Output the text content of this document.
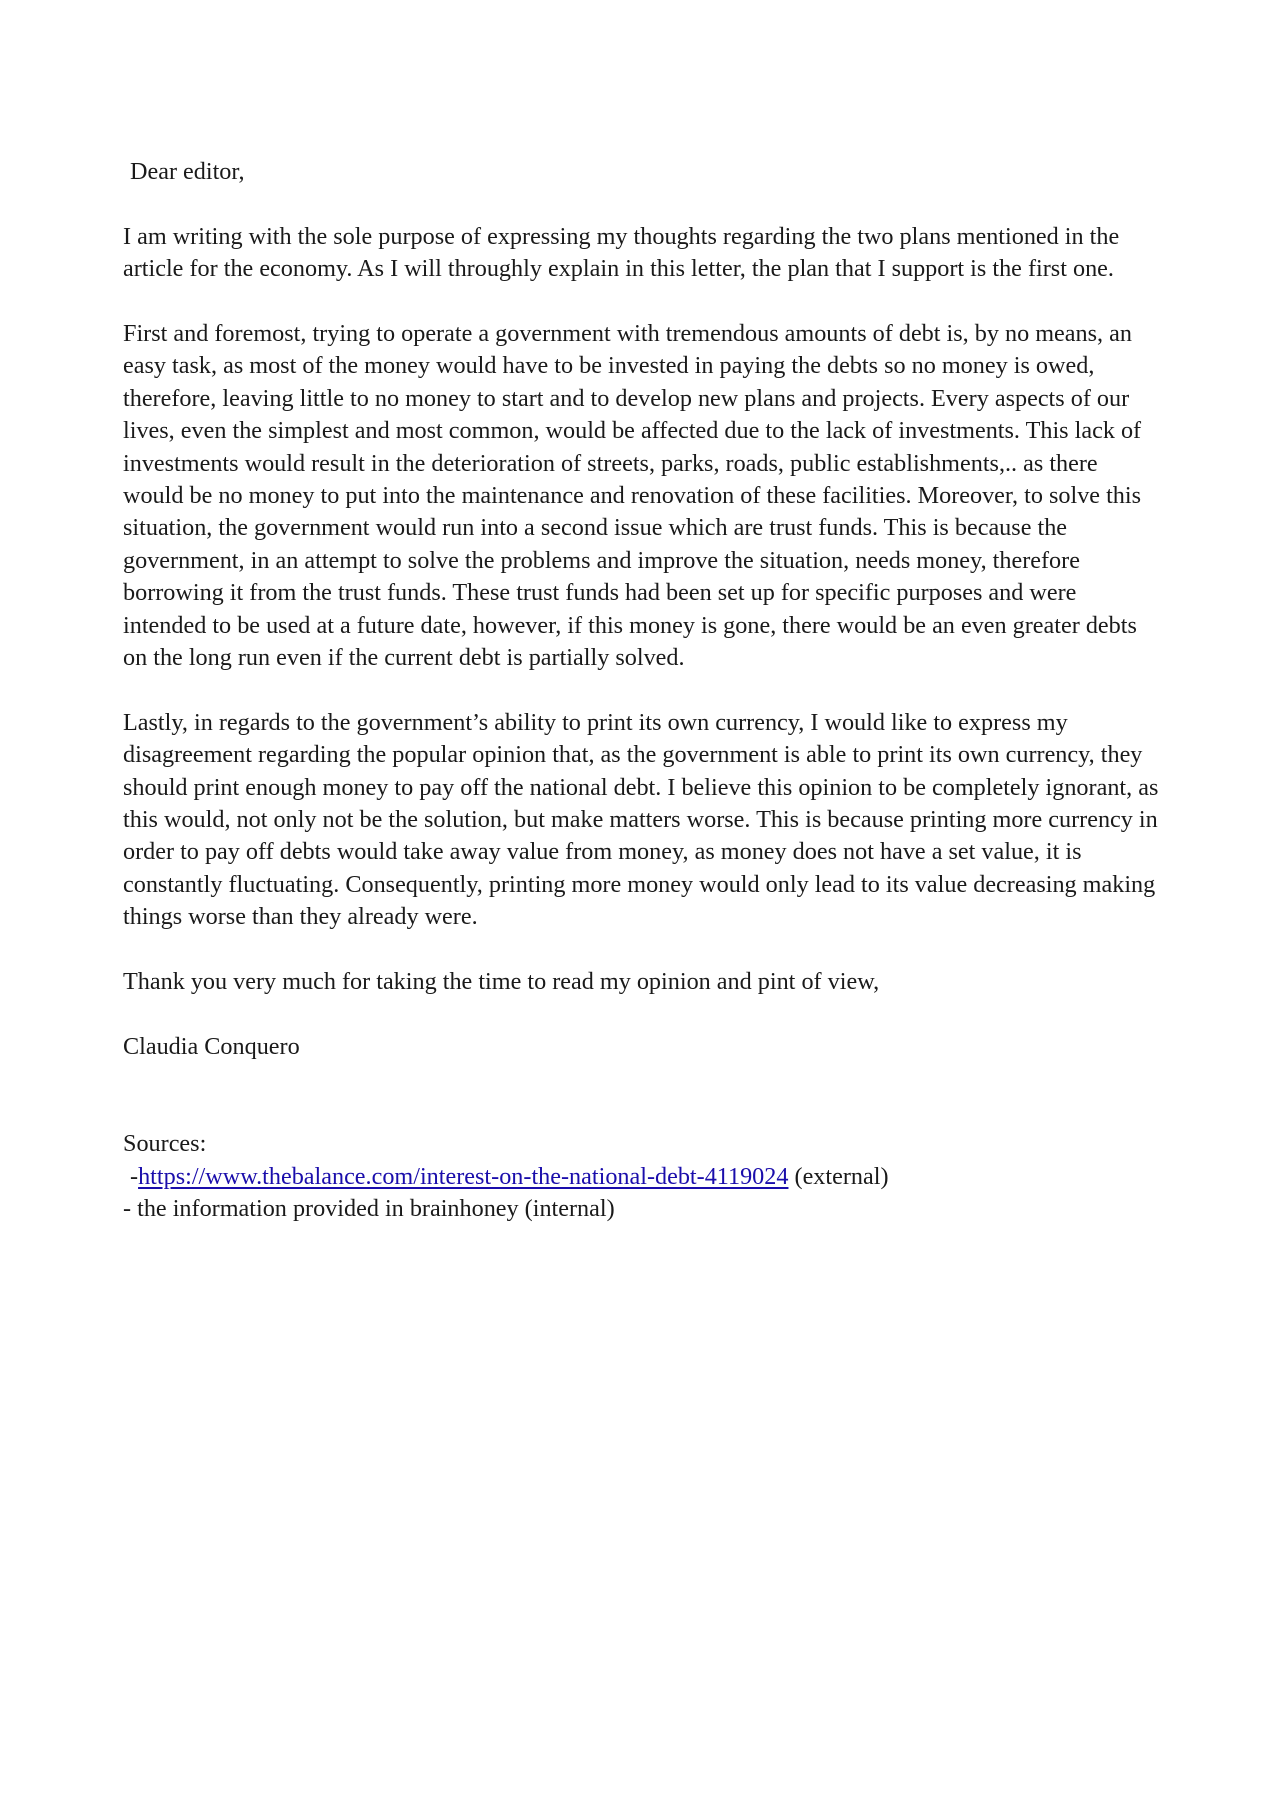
Dear editor,

I am writing with the sole purpose of expressing my thoughts regarding the two plans mentioned in the article for the economy. As I will throughly explain in this letter, the plan that I support is the first one.

First and foremost, trying to operate a government with tremendous amounts of debt is, by no means, an easy task, as most of the money would have to be invested in paying the debts so no money is owed, therefore, leaving little to no money to start and to develop new plans and projects. Every aspects of our lives, even the simplest and most common, would be affected due to the lack of investments. This lack of investments would result in the deterioration of streets, parks, roads, public establishments,.. as there would be no money to put into the maintenance and renovation of these facilities. Moreover, to solve this situation, the government would run into a second issue which are trust funds. This is because the government, in an attempt to solve the problems and improve the situation, needs money, therefore borrowing it from the trust funds. These trust funds had been set up for specific purposes and were intended to be used at a future date, however, if this money is gone, there would be an even greater debts on the long run even if the current debt is partially solved.

Lastly, in regards to the government’s ability to print its own currency, I would like to express my disagreement regarding the popular opinion that, as the government is able to print its own currency, they should print enough money to pay off the national debt. I believe this opinion to be completely ignorant, as this would, not only not be the solution, but make matters worse. This is because printing more currency in order to pay off debts would take away value from money, as money does not have a set value, it is constantly fluctuating. Consequently, printing more money would only lead to its value decreasing making things worse than they already were.

Thank you very much for taking the time to read my opinion and pint of view,

Claudia Conquero

Sources:

-https://www.thebalance.com/interest-on-the-national-debt-4119024 (external)

- the information provided in brainhoney (internal)
